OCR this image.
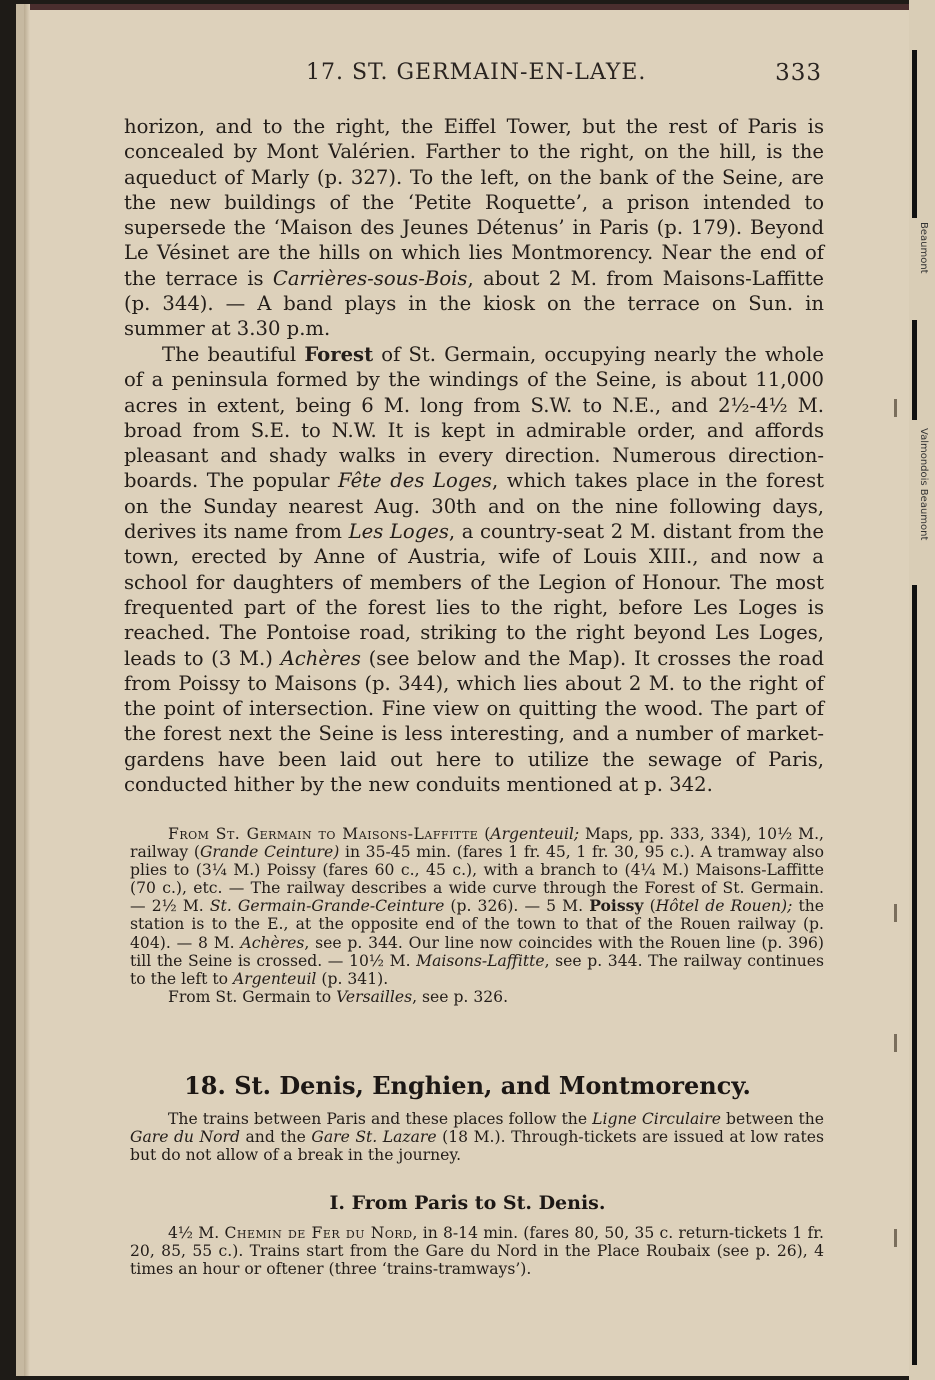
Beaumont
Valmondois Beaumont
17. ST. GERMAIN-EN-LAYE.	333

horizon, and to the right, the Eiffel Tower, but the rest of Paris is concealed by Mont Valérien. Farther to the right, on the hill, is the aqueduct of Marly (p. 327). To the left, on the bank of the Seine, are the new buildings of the ‘Petite Roquette’, a prison intended to supersede the ‘Maison des Jeunes Détenus’ in Paris (p. 179). Beyond Le Vésinet are the hills on which lies Montmorency. Near the end of the terrace is Carrières-sous-Bois, about 2 M. from Maisons-Laffitte (p. 344). — A band plays in the kiosk on the terrace on Sun. in summer at 3.30 p.m.

The beautiful Forest of St. Germain, occupying nearly the whole of a peninsula formed by the windings of the Seine, is about 11,000 acres in extent, being 6 M. long from S.W. to N.E., and 2½-4½ M. broad from S.E. to N.W. It is kept in admirable order, and affords pleasant and shady walks in every direction. Numerous direction-boards. The popular Fête des Loges, which takes place in the forest on the Sunday nearest Aug. 30th and on the nine following days, derives its name from Les Loges, a country-seat 2 M. distant from the town, erected by Anne of Austria, wife of Louis XIII., and now a school for daughters of members of the Legion of Honour. The most frequented part of the forest lies to the right, before Les Loges is reached. The Pontoise road, striking to the right beyond Les Loges, leads to (3 M.) Achères (see below and the Map). It crosses the road from Poissy to Maisons (p. 344), which lies about 2 M. to the right of the point of intersection. Fine view on quitting the wood. The part of the forest next the Seine is less interesting, and a number of market-gardens have been laid out here to utilize the sewage of Paris, conducted hither by the new conduits mentioned at p. 342.

From St. Germain to Maisons-Laffitte (Argenteuil; Maps, pp. 333, 334), 10½ M., railway (Grande Ceinture) in 35-45 min. (fares 1 fr. 45, 1 fr. 30, 95 c.). A tramway also plies to (3¼ M.) Poissy (fares 60 c., 45 c.), with a branch to (4¼ M.) Maisons-Laffitte (70 c.), etc. — The railway describes a wide curve through the Forest of St. Germain. — 2½ M. St. Germain-Grande-Ceinture (p. 326). — 5 M. Poissy (Hôtel de Rouen); the station is to the E., at the opposite end of the town to that of the Rouen railway (p. 404). — 8 M. Achères, see p. 344. Our line now coincides with the Rouen line (p. 396) till the Seine is crossed. — 10½ M. Maisons-Laffitte, see p. 344. The railway continues to the left to Argenteuil (p. 341).

From St. Germain to Versailles, see p. 326.

18. St. Denis, Enghien, and Montmorency.

The trains between Paris and these places follow the Ligne Circulaire between the Gare du Nord and the Gare St. Lazare (18 M.). Through-tickets are issued at low rates but do not allow of a break in the journey.

I. From Paris to St. Denis.

4½ M. Chemin de Fer du Nord, in 8-14 min. (fares 80, 50, 35 c. return-tickets 1 fr. 20, 85, 55 c.). Trains start from the Gare du Nord in the Place Roubaix (see p. 26), 4 times an hour or oftener (three ‘trains-tramways’).
